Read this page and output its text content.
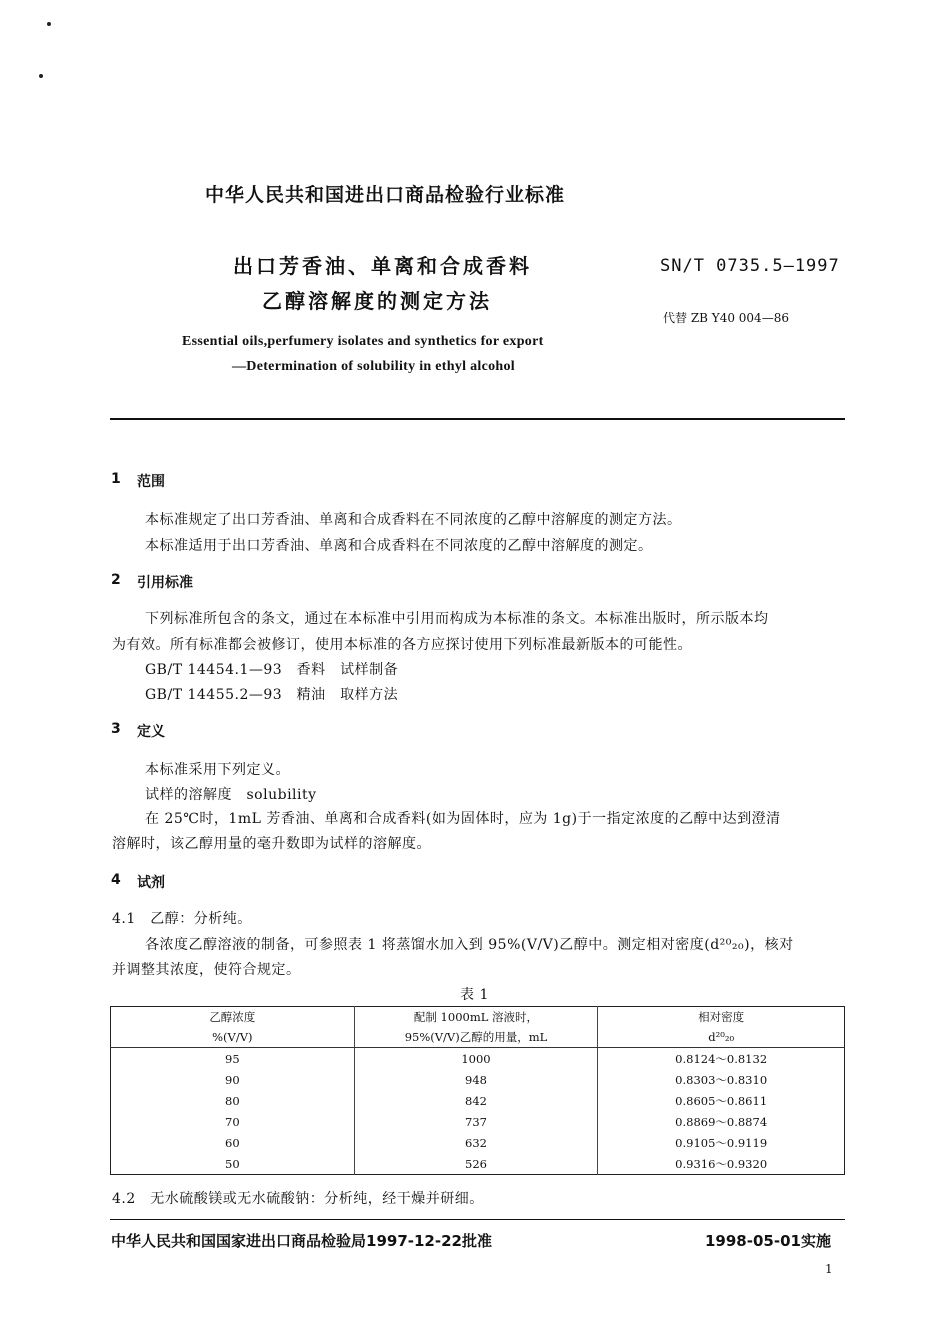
中华人民共和国进出口商品检验行业标准
出口芳香油、单离和合成香料
乙醇溶解度的测定方法
SN/T 0735.5—1997
代替 ZB Y40 004—86
Essential oils,perfumery isolates and synthetics for export
—Determination of solubility in ethyl alcohol
1 范围
本标准规定了出口芳香油、单离和合成香料在不同浓度的乙醇中溶解度的测定方法。
本标准适用于出口芳香油、单离和合成香料在不同浓度的乙醇中溶解度的测定。
2 引用标准
下列标准所包含的条文，通过在本标准中引用而构成为本标准的条文。本标准出版时，所示版本均
为有效。所有标准都会被修订，使用本标准的各方应探讨使用下列标准最新版本的可能性。
GB/T 14454.1—93　香料　试样制备
GB/T 14455.2—93　精油　取样方法
3 定义
本标准采用下列定义。
试样的溶解度　solubility
在 25℃时，1mL 芳香油、单离和合成香料(如为固体时，应为 1g)于一指定浓度的乙醇中达到澄清
溶解时，该乙醇用量的毫升数即为试样的溶解度。
4 试剂
4.1　乙醇：分析纯。
各浓度乙醇溶液的制备，可参照表 1 将蒸馏水加入到 95%(V/V)乙醇中。测定相对密度(d²⁰₂₀)，核对
并调整其浓度，使符合规定。
表 1
乙醇浓度	配制 1000mL 溶液时，	相对密度
%(V/V)	95%(V/V)乙醇的用量，mL	d²⁰₂₀
95	1000	0.8124～0.8132
90	948	0.8303～0.8310
80	842	0.8605～0.8611
70	737	0.8869～0.8874
60	632	0.9105～0.9119
50	526	0.9316～0.9320
4.2　无水硫酸镁或无水硫酸钠：分析纯，经干燥并研细。
中华人民共和国国家进出口商品检验局1997-12-22批准	1998-05-01实施
1
